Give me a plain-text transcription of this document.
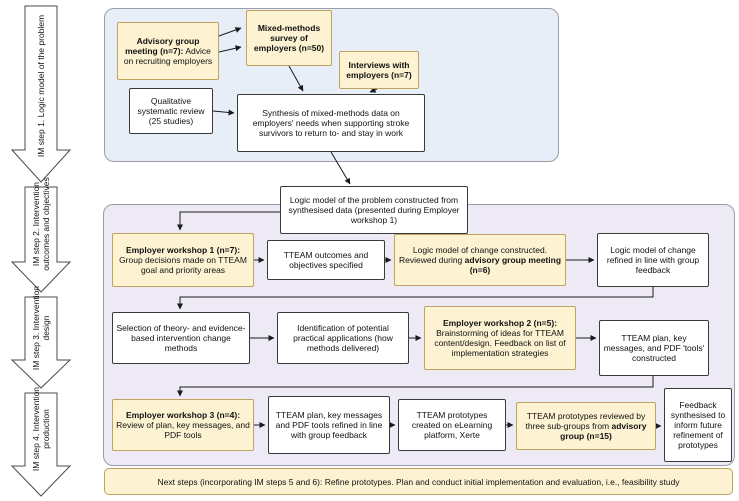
IM step 1. Logic model of the problem
IM step 2. Intervention outcomes and objectives
IM step 3. Intervention design
IM step 4. Intervention production
Advisory group meeting (n=7): Advice on recruiting employers
Mixed-methods survey of employers (n=50)
Interviews with employers (n=7)
Qualitative systematic review (25 studies)
Synthesis of mixed-methods data on employers' needs when supporting stroke survivors to return to- and stay in work
Logic model of the problem constructed from synthesised data (presented during Employer workshop 1)
Employer workshop 1 (n=7): Group decisions made on TTEAM goal and priority areas
TTEAM outcomes and objectives specified
Logic model of change constructed. Reviewed during advisory group meeting (n=6)
Logic model of change refined in line with group feedback
Selection of theory- and evidence-based intervention change methods
Identification of potential practical applications (how methods delivered)
Employer workshop 2 (n=5): Brainstorming of ideas for TTEAM content/design. Feedback on list of implementation strategies
TTEAM plan, key messages, and PDF 'tools' constructed
Employer workshop 3 (n=4): Review of plan, key messages, and PDF tools
TTEAM plan, key messages and PDF tools refined in line with group feedback
TTEAM prototypes created on eLearning platform, Xerte
TTEAM prototypes reviewed by three sub-groups from advisory group (n=15)
Feedback synthesised to inform future refinement of prototypes
Next steps (incorporating IM steps 5 and 6): Refine prototypes. Plan and conduct initial implementation and evaluation, i.e., feasibility study
